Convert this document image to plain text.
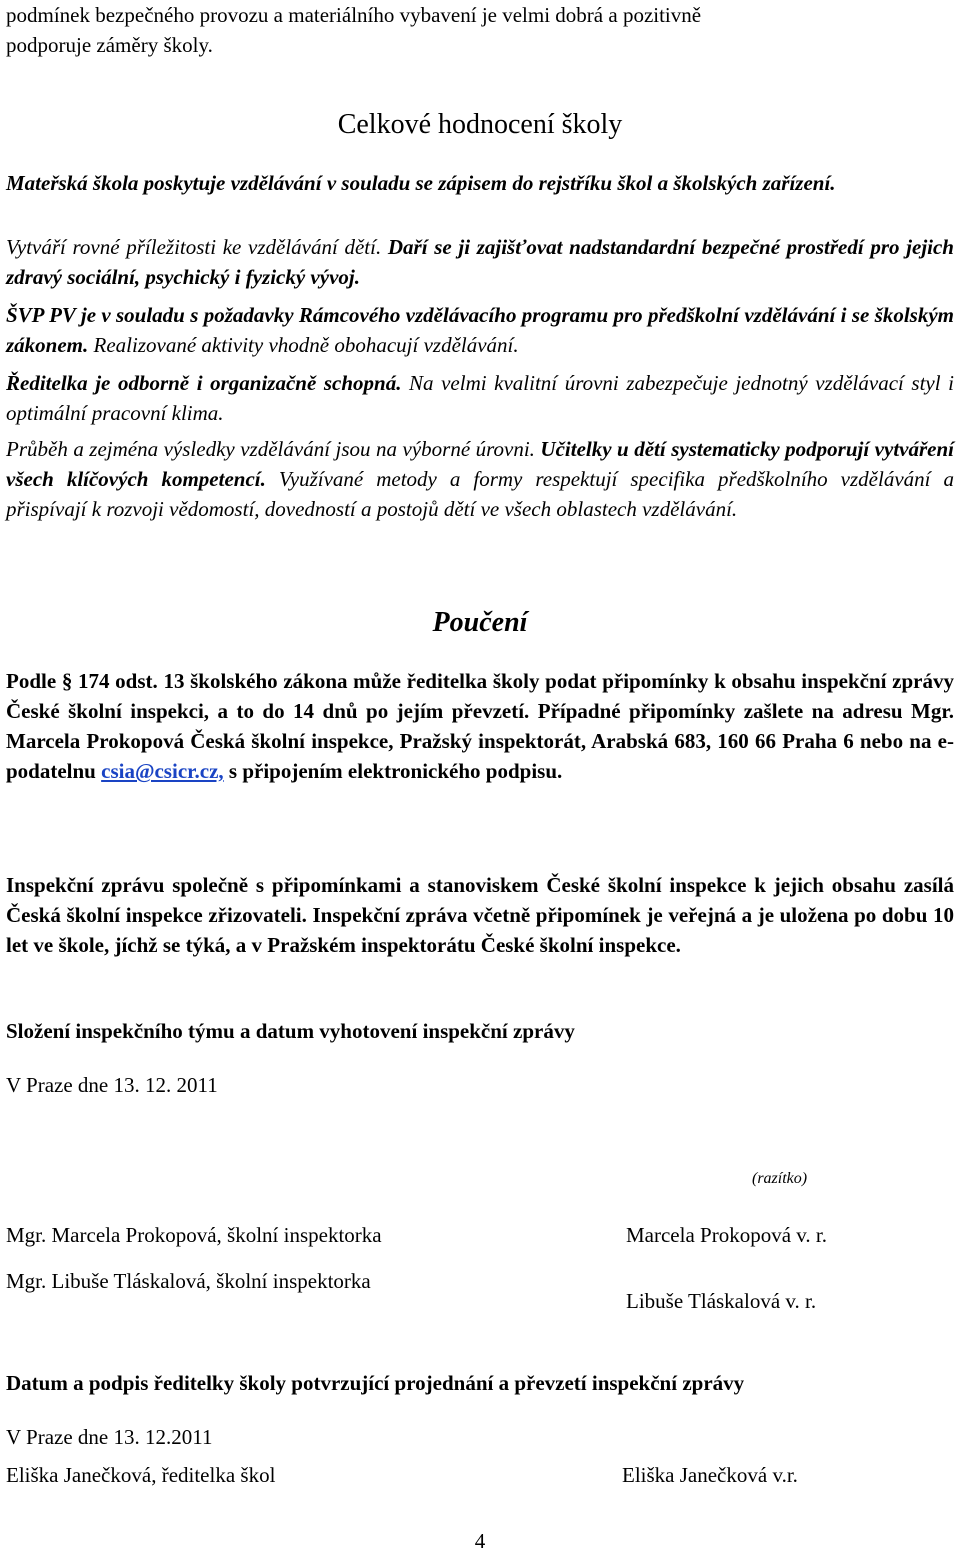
podmínek bezpečného provozu a materiálního vybavení je velmi dobrá a pozitivně
podporuje záměry školy.
Celkové hodnocení školy

Mateřská škola poskytuje vzdělávání v souladu se zápisem do rejstříku škol a školských zařízení.

Vytváří rovné příležitosti ke vzdělávání dětí. Daří se ji zajišťovat nadstandardní bezpečné prostředí pro jejich zdravý sociální, psychický i fyzický vývoj.

ŠVP PV je v souladu s požadavky Rámcového vzdělávacího programu pro předškolní vzdělávání i se školským zákonem. Realizované aktivity vhodně obohacují vzdělávání.

Ředitelka je odborně i organizačně schopná. Na velmi kvalitní úrovni zabezpečuje jednotný vzdělávací styl i optimální pracovní klima.

Průběh a zejména výsledky vzdělávání jsou na výborné úrovni. Učitelky u dětí systematicky podporují vytváření všech klíčových kompetencí. Využívané metody a formy respektují specifika předškolního vzdělávání a přispívají k rozvoji vědomostí, dovedností a postojů dětí ve všech oblastech vzdělávání.

Poučení

Podle § 174 odst. 13 školského zákona může ředitelka školy podat připomínky k obsahu inspekční zprávy České školní inspekci, a to do 14 dnů po jejím převzetí. Případné připomínky zašlete na adresu Mgr. Marcela Prokopová Česká školní inspekce, Pražský inspektorát, Arabská 683, 160 66 Praha 6 nebo na e-podatelnu csia@csicr.cz, s připojením elektronického podpisu.

Inspekční zprávu společně s připomínkami a stanoviskem České školní inspekce k jejich obsahu zasílá Česká školní inspekce zřizovateli. Inspekční zpráva včetně připomínek je veřejná a je uložena po dobu 10 let ve škole, jíchž se týká, a v Pražském inspektorátu České školní inspekce.

Složení inspekčního týmu a datum vyhotovení inspekční zprávy
V Praze dne 13. 12. 2011
(razítko)
Mgr. Marcela Prokopová, školní inspektorka	Marcela Prokopová v. r.
Mgr. Libuše Tláskalová, školní inspektorka
Libuše Tláskalová v. r.
Datum a podpis ředitelky školy potvrzující projednání a převzetí inspekční zprávy
V Praze dne 13. 12.2011
Eliška Janečková, ředitelka škol	Eliška Janečková v.r.
4
